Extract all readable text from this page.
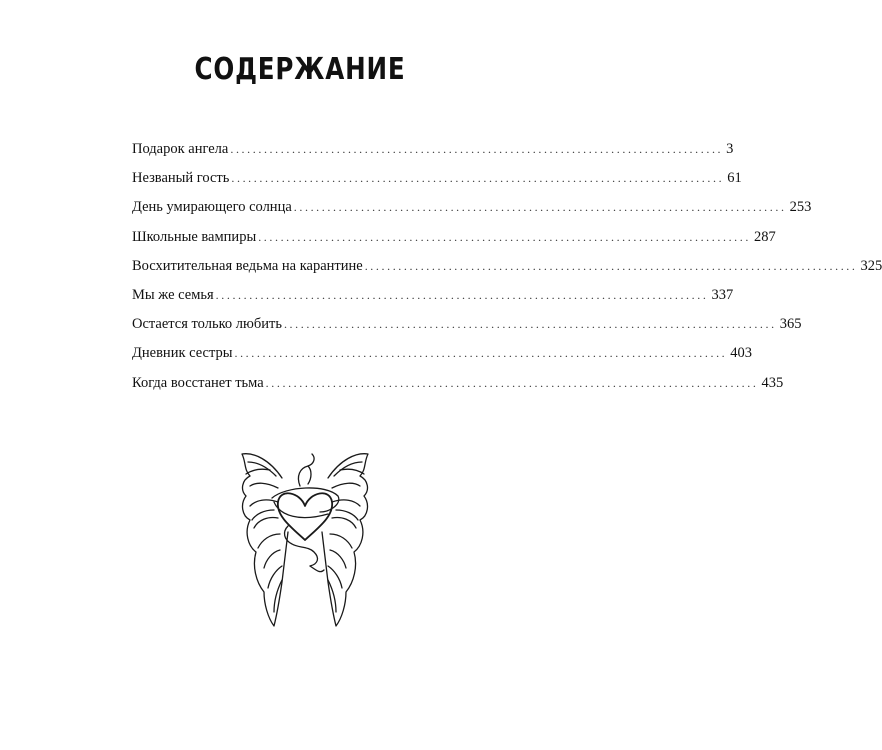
СОДЕРЖАНИЕ
Подарок ангела ........................................................................................ 3
Незваный гость ........................................................................................ 61
День умирающего солнца ........................................................................................ 253
Школьные вампиры ........................................................................................ 287
Восхитительная ведьма на карантине ........................................................................................ 325
Мы же семья ........................................................................................ 337
Остается только любить ........................................................................................ 365
Дневник сестры ........................................................................................ 403
Когда восстанет тьма ........................................................................................ 435
